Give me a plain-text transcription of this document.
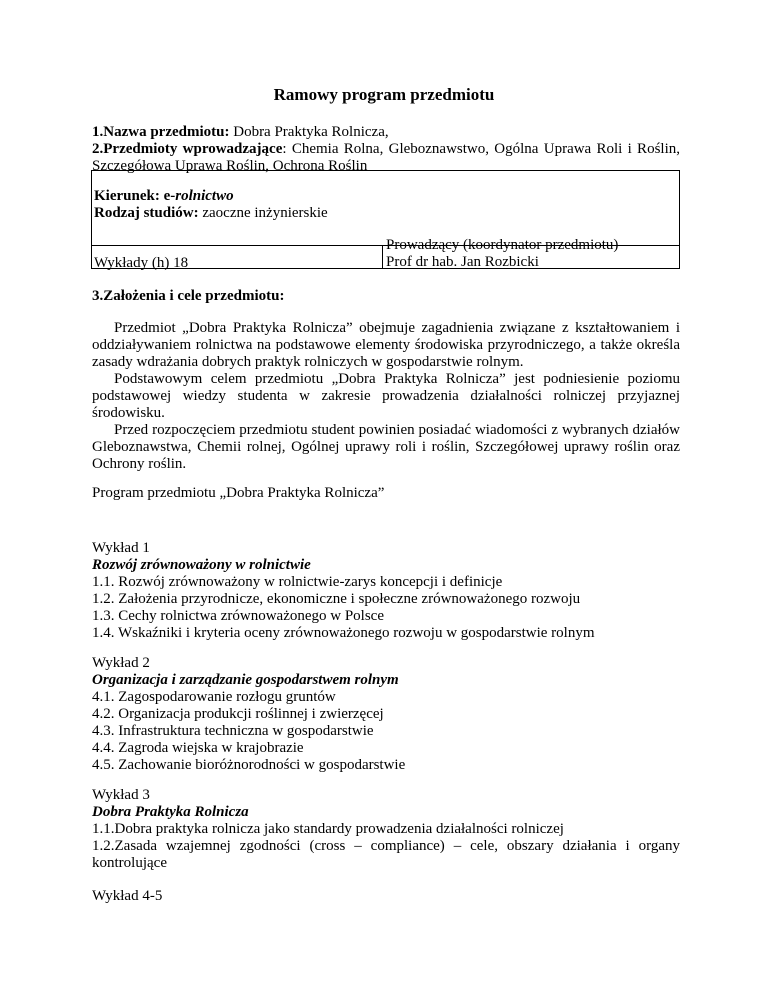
Ramowy program przedmiotu

1.Nazwa przedmiotu: Dobra Praktyka Rolnicza,

2.Przedmioty wprowadzające: Chemia Rolna, Gleboznawstwo, Ogólna Uprawa Roli i Roślin, Szczegółowa Uprawa Roślin, Ochrona Roślin

Kierunek: e-rolnictwo

Rodzaj studiów: zaoczne inżynierskie

Wykłady (h) 18

Prowadzący (koordynator przedmiotu)

Prof dr hab. Jan Rozbicki

3.Założenia i cele przedmiotu:

Przedmiot „Dobra Praktyka Rolnicza” obejmuje zagadnienia związane z kształtowaniem i oddziaływaniem rolnictwa na podstawowe elementy środowiska przyrodniczego, a także określa zasady wdrażania dobrych praktyk rolniczych w gospodarstwie rolnym.

Podstawowym celem przedmiotu „Dobra Praktyka Rolnicza” jest podniesienie poziomu podstawowej wiedzy studenta w zakresie prowadzenia działalności rolniczej przyjaznej środowisku.

Przed rozpoczęciem przedmiotu student powinien posiadać wiadomości z wybranych działów Gleboznawstwa, Chemii rolnej, Ogólnej uprawy roli i roślin, Szczegółowej uprawy roślin oraz Ochrony roślin.

Program przedmiotu „Dobra Praktyka Rolnicza”

Wykład 1

Rozwój zrównoważony w rolnictwie

1.1. Rozwój zrównoważony w rolnictwie-zarys koncepcji i definicje

1.2. Założenia przyrodnicze, ekonomiczne i społeczne zrównoważonego rozwoju

1.3. Cechy rolnictwa zrównoważonego w Polsce

1.4. Wskaźniki i kryteria oceny zrównoważonego rozwoju w gospodarstwie rolnym

Wykład 2

Organizacja i zarządzanie gospodarstwem rolnym

4.1. Zagospodarowanie rozłogu gruntów

4.2. Organizacja produkcji roślinnej i zwierzęcej

4.3. Infrastruktura techniczna w gospodarstwie

4.4. Zagroda wiejska w krajobrazie

4.5. Zachowanie bioróżnorodności w gospodarstwie

Wykład 3

Dobra Praktyka Rolnicza

1.1.Dobra praktyka rolnicza jako standardy prowadzenia działalności rolniczej

1.2.Zasada wzajemnej zgodności (cross – compliance) – cele, obszary działania i organy kontrolujące

Wykład 4-5
